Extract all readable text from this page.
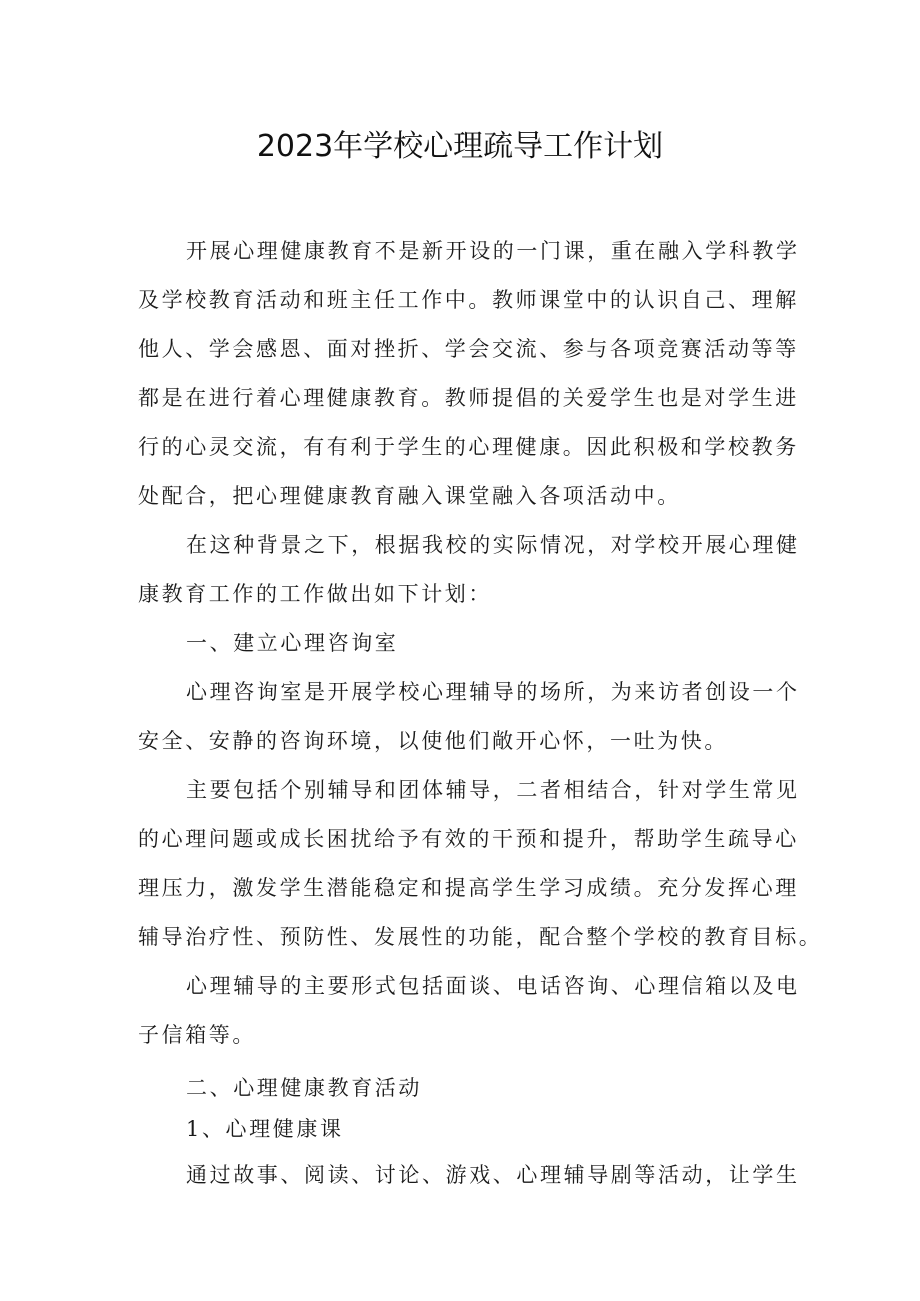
2023年学校心理疏导工作计划
开展心理健康教育不是新开设的一门课，重在融入学科教学
及学校教育活动和班主任工作中。教师课堂中的认识自己、理解
他人、学会感恩、面对挫折、学会交流、参与各项竞赛活动等等
都是在进行着心理健康教育。教师提倡的关爱学生也是对学生进
行的心灵交流，有有利于学生的心理健康。因此积极和学校教务
处配合，把心理健康教育融入课堂融入各项活动中。
在这种背景之下，根据我校的实际情况，对学校开展心理健
康教育工作的工作做出如下计划：
一、建立心理咨询室
心理咨询室是开展学校心理辅导的场所，为来访者创设一个
安全、安静的咨询环境，以使他们敞开心怀，一吐为快。
主要包括个别辅导和团体辅导，二者相结合，针对学生常见
的心理问题或成长困扰给予有效的干预和提升，帮助学生疏导心
理压力，激发学生潜能稳定和提高学生学习成绩。充分发挥心理
辅导治疗性、预防性、发展性的功能，配合整个学校的教育目标。
心理辅导的主要形式包括面谈、电话咨询、心理信箱以及电
子信箱等。
二、心理健康教育活动
1、心理健康课
通过故事、阅读、讨论、游戏、心理辅导剧等活动，让学生
